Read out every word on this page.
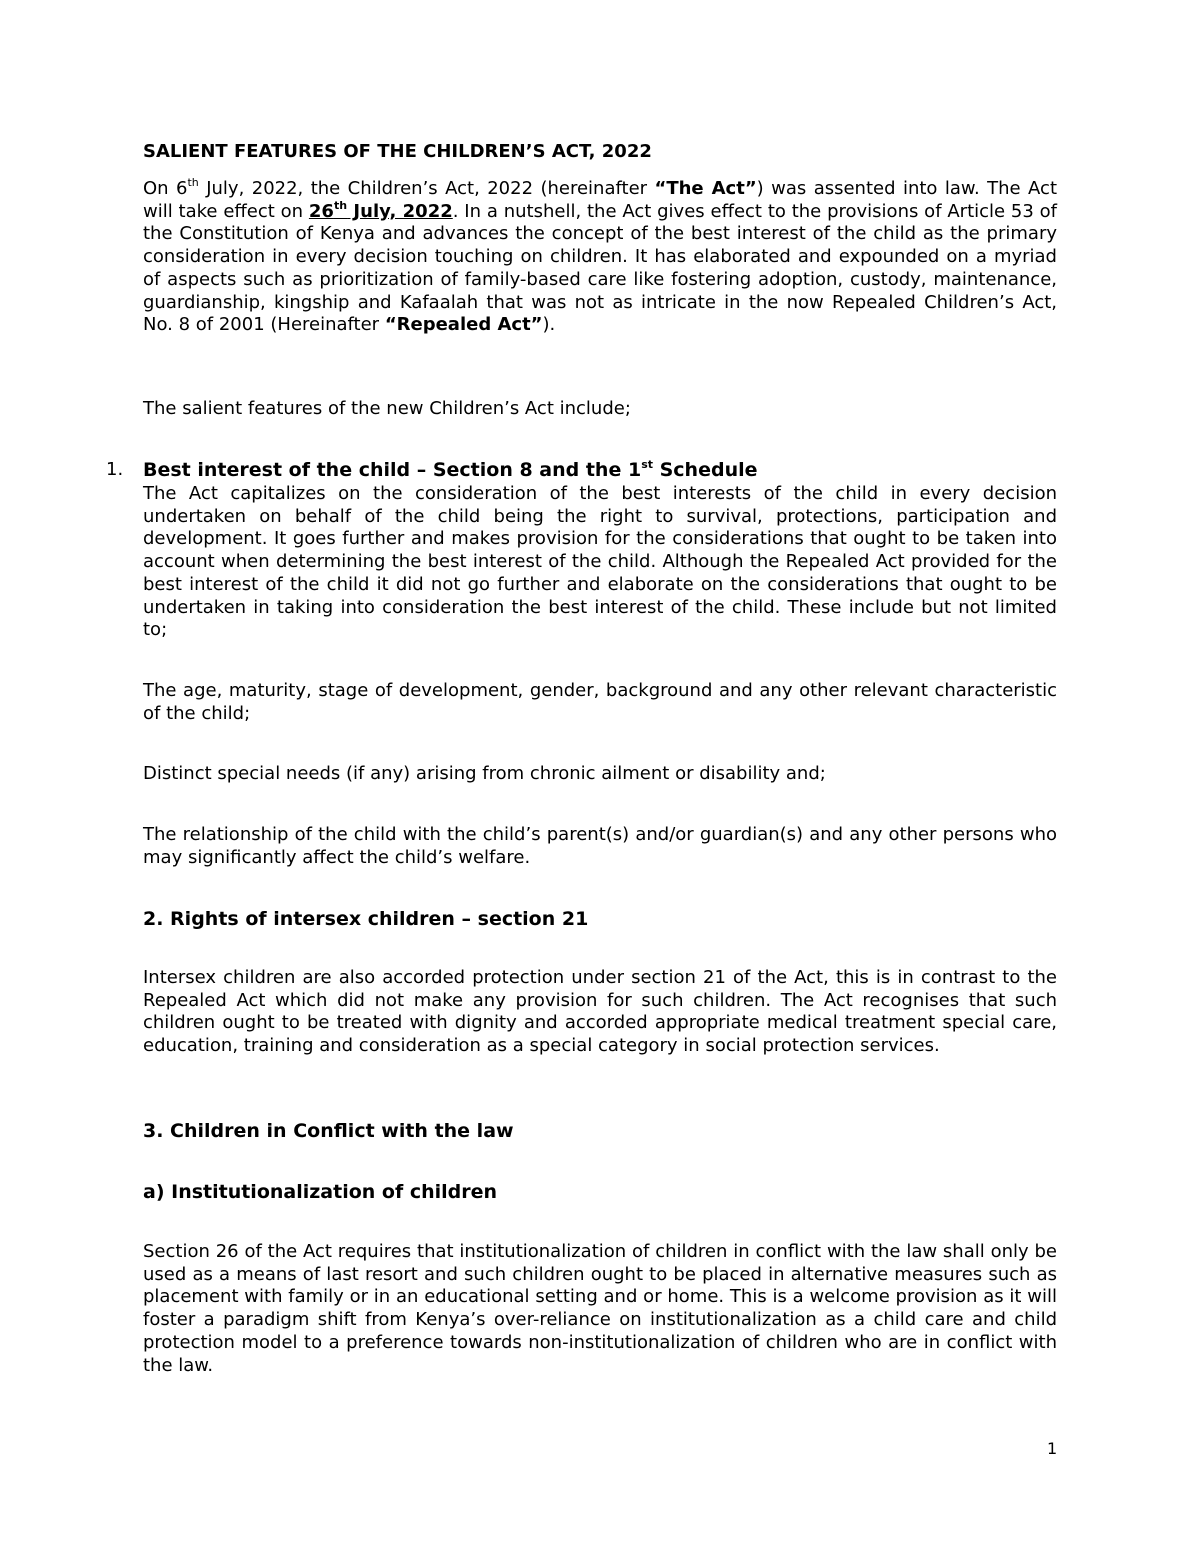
SALIENT FEATURES OF THE CHILDREN’S ACT, 2022

On 6th July, 2022, the Children’s Act, 2022 (hereinafter “The Act”) was assented into law. The Act will take effect on 26th July, 2022. In a nutshell, the Act gives effect to the provisions of Article 53 of the Constitution of Kenya and advances the concept of the best interest of the child as the primary consideration in every decision touching on children. It has elaborated and expounded on a myriad of aspects such as prioritization of family-based care like fostering adoption, custody, maintenance, guardianship, kingship and Kafaalah that was not as intricate in the now Repealed Children’s Act, No. 8 of 2001 (Hereinafter “Repealed Act”).

The salient features of the new Children’s Act include;

1. Best interest of the child – Section 8 and the 1st Schedule

The Act capitalizes on the consideration of the best interests of the child in every decision undertaken on behalf of the child being the right to survival, protections, participation and development. It goes further and makes provision for the considerations that ought to be taken into account when determining the best interest of the child. Although the Repealed Act provided for the best interest of the child it did not go further and elaborate on the considerations that ought to be undertaken in taking into consideration the best interest of the child. These include but not limited to;

The age, maturity, stage of development, gender, background and any other relevant characteristic of the child;

Distinct special needs (if any) arising from chronic ailment or disability and;

The relationship of the child with the child’s parent(s) and/or guardian(s) and any other persons who may significantly affect the child’s welfare.

2. Rights of intersex children – section 21

Intersex children are also accorded protection under section 21 of the Act, this is in contrast to the Repealed Act which did not make any provision for such children. The Act recognises that such children ought to be treated with dignity and accorded appropriate medical treatment special care, education, training and consideration as a special category in social protection services.

3. Children in Conflict with the law

a) Institutionalization of children

Section 26 of the Act requires that institutionalization of children in conflict with the law shall only be used as a means of last resort and such children ought to be placed in alternative measures such as placement with family or in an educational setting and or home. This is a welcome provision as it will foster a paradigm shift from Kenya’s over-reliance on institutionalization as a child care and child protection model to a preference towards non-institutionalization of children who are in conflict with the law.

1
